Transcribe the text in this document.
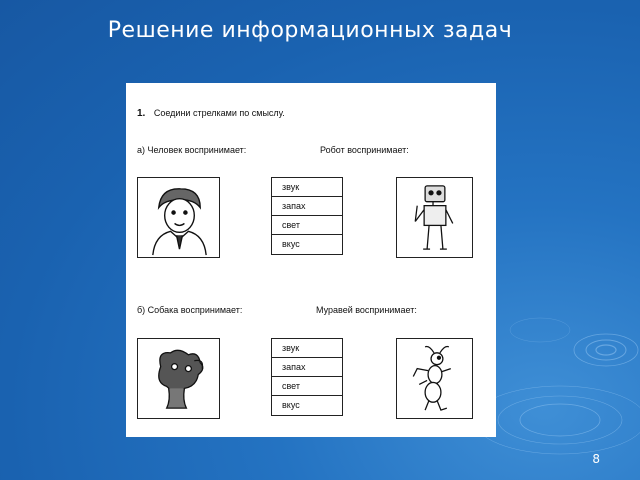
Решение информационных задач
1. Соедини стрелками по смыслу.
а) Человек воспринимает:	Робот воспринимает:
звук
запах
свет
вкус
б) Собака воспринимает:	Муравей воспринимает:
звук
запах
свет
вкус
8
